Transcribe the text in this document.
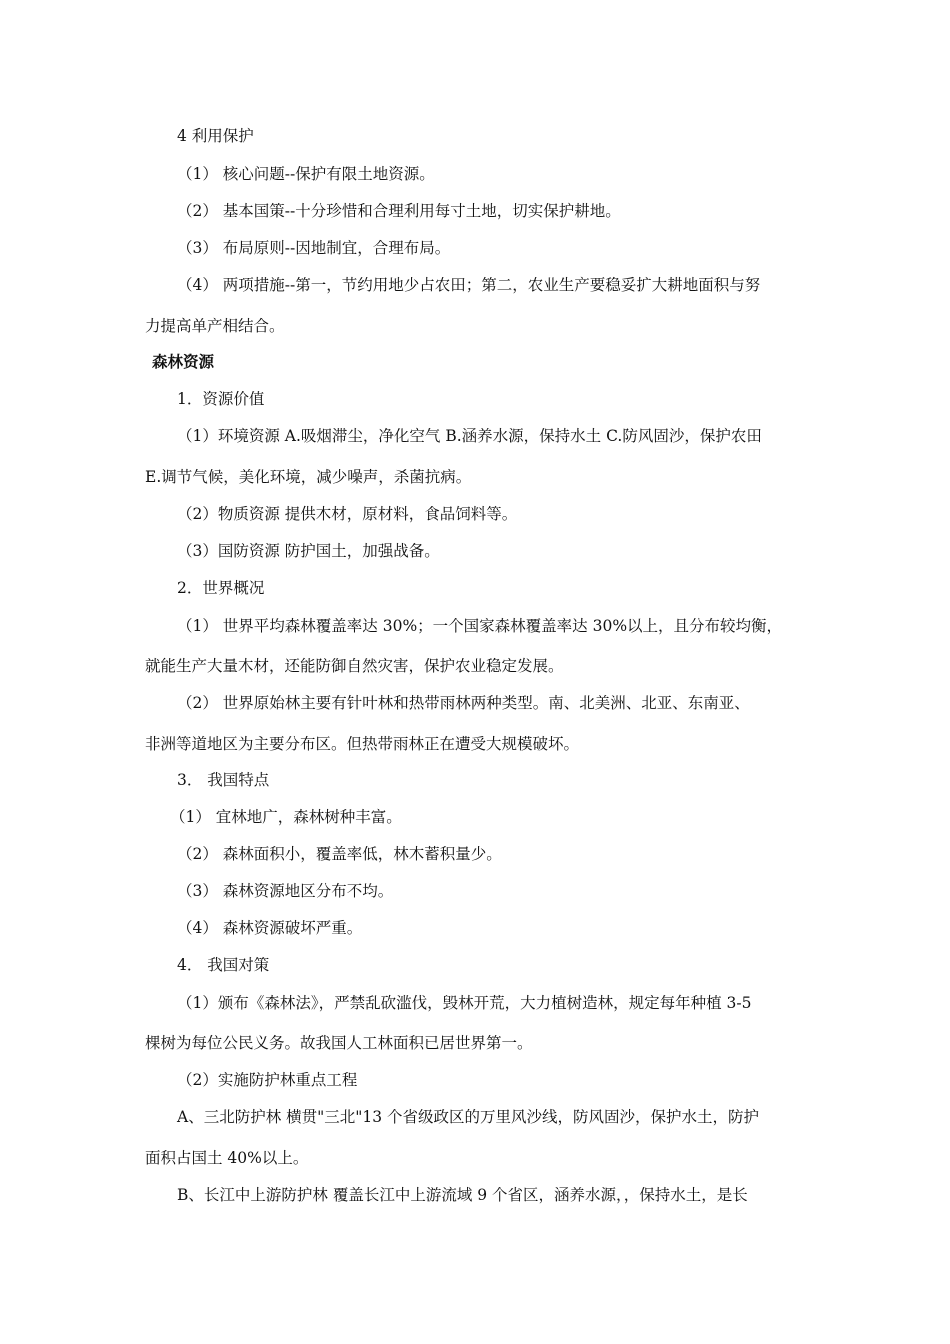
4 利用保护
（1） 核心问题--保护有限土地资源。
（2） 基本国策--十分珍惜和合理利用每寸土地，切实保护耕地。
（3） 布局原则--因地制宜，合理布局。
（4） 两项措施--第一，节约用地少占农田；第二，农业生产要稳妥扩大耕地面积与努
力提高单产相结合。
森林资源
1．资源价值
（1）环境资源 A.吸烟滞尘，净化空气 B.涵养水源，保持水土 C.防风固沙，保护农田
E.调节气候，美化环境，减少噪声，杀菌抗病。
（2）物质资源 提供木材，原材料，食品饲料等。
（3）国防资源 防护国土，加强战备。
2．世界概况
（1） 世界平均森林覆盖率达 30%；一个国家森林覆盖率达 30%以上，且分布较均衡，
就能生产大量木材，还能防御自然灾害，保护农业稳定发展。
（2） 世界原始林主要有针叶林和热带雨林两种类型。南、北美洲、北亚、东南亚、
非洲等道地区为主要分布区。但热带雨林正在遭受大规模破坏。
3． 我国特点
（1） 宜林地广，森林树种丰富。
（2） 森林面积小，覆盖率低，林木蓄积量少。
（3） 森林资源地区分布不均。
（4） 森林资源破坏严重。
4． 我国对策
（1）颁布《森林法》，严禁乱砍滥伐，毁林开荒，大力植树造林，规定每年种植 3-5
棵树为每位公民义务。故我国人工林面积已居世界第一。
（2）实施防护林重点工程
A、三北防护林 横贯"三北"13 个省级政区的万里风沙线，防风固沙，保护水土，防护
面积占国土 40%以上。
B、长江中上游防护林 覆盖长江中上游流域 9 个省区，涵养水源，，保持水土，是长
